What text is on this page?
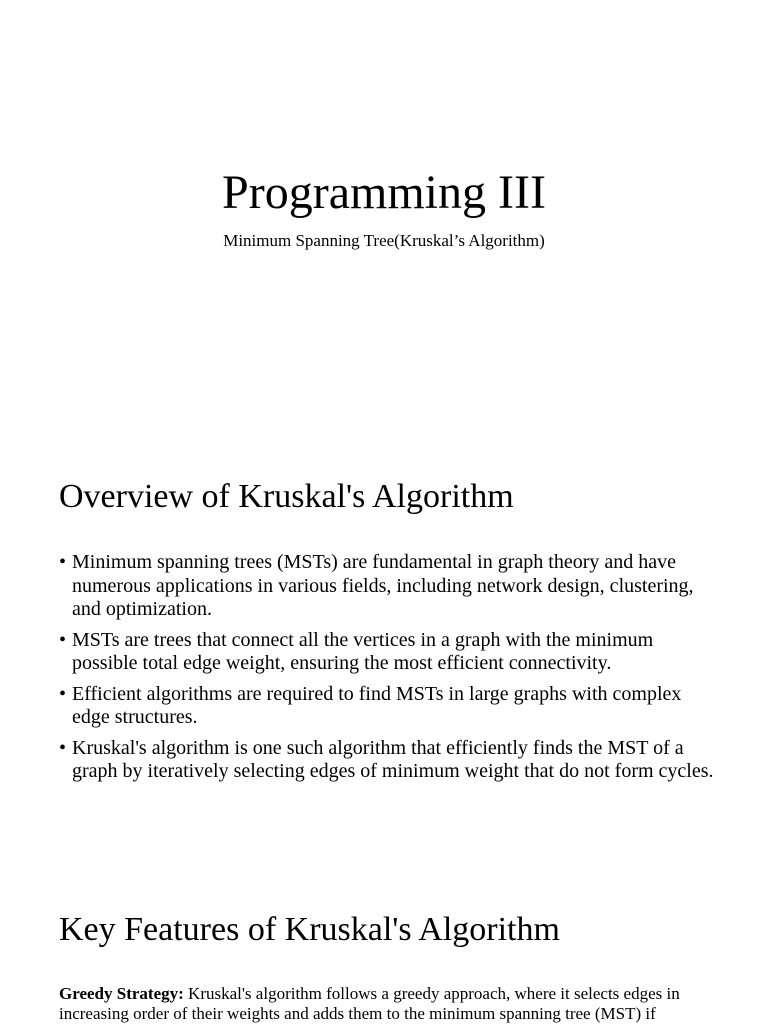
Programming III

Minimum Spanning Tree(Kruskal’s Algorithm)

Overview of Kruskal's Algorithm
• Minimum spanning trees (MSTs) are fundamental in graph theory and have numerous applications in various fields, including network design, clustering, and optimization.
• MSTs are trees that connect all the vertices in a graph with the minimum possible total edge weight, ensuring the most efficient connectivity.
• Efficient algorithms are required to find MSTs in large graphs with complex edge structures.
• Kruskal's algorithm is one such algorithm that efficiently finds the MST of a graph by iteratively selecting edges of minimum weight that do not form cycles.
Key Features of Kruskal's Algorithm

Greedy Strategy: Kruskal's algorithm follows a greedy approach, where it selects edges in increasing order of their weights and adds them to the minimum spanning tree (MST) if
